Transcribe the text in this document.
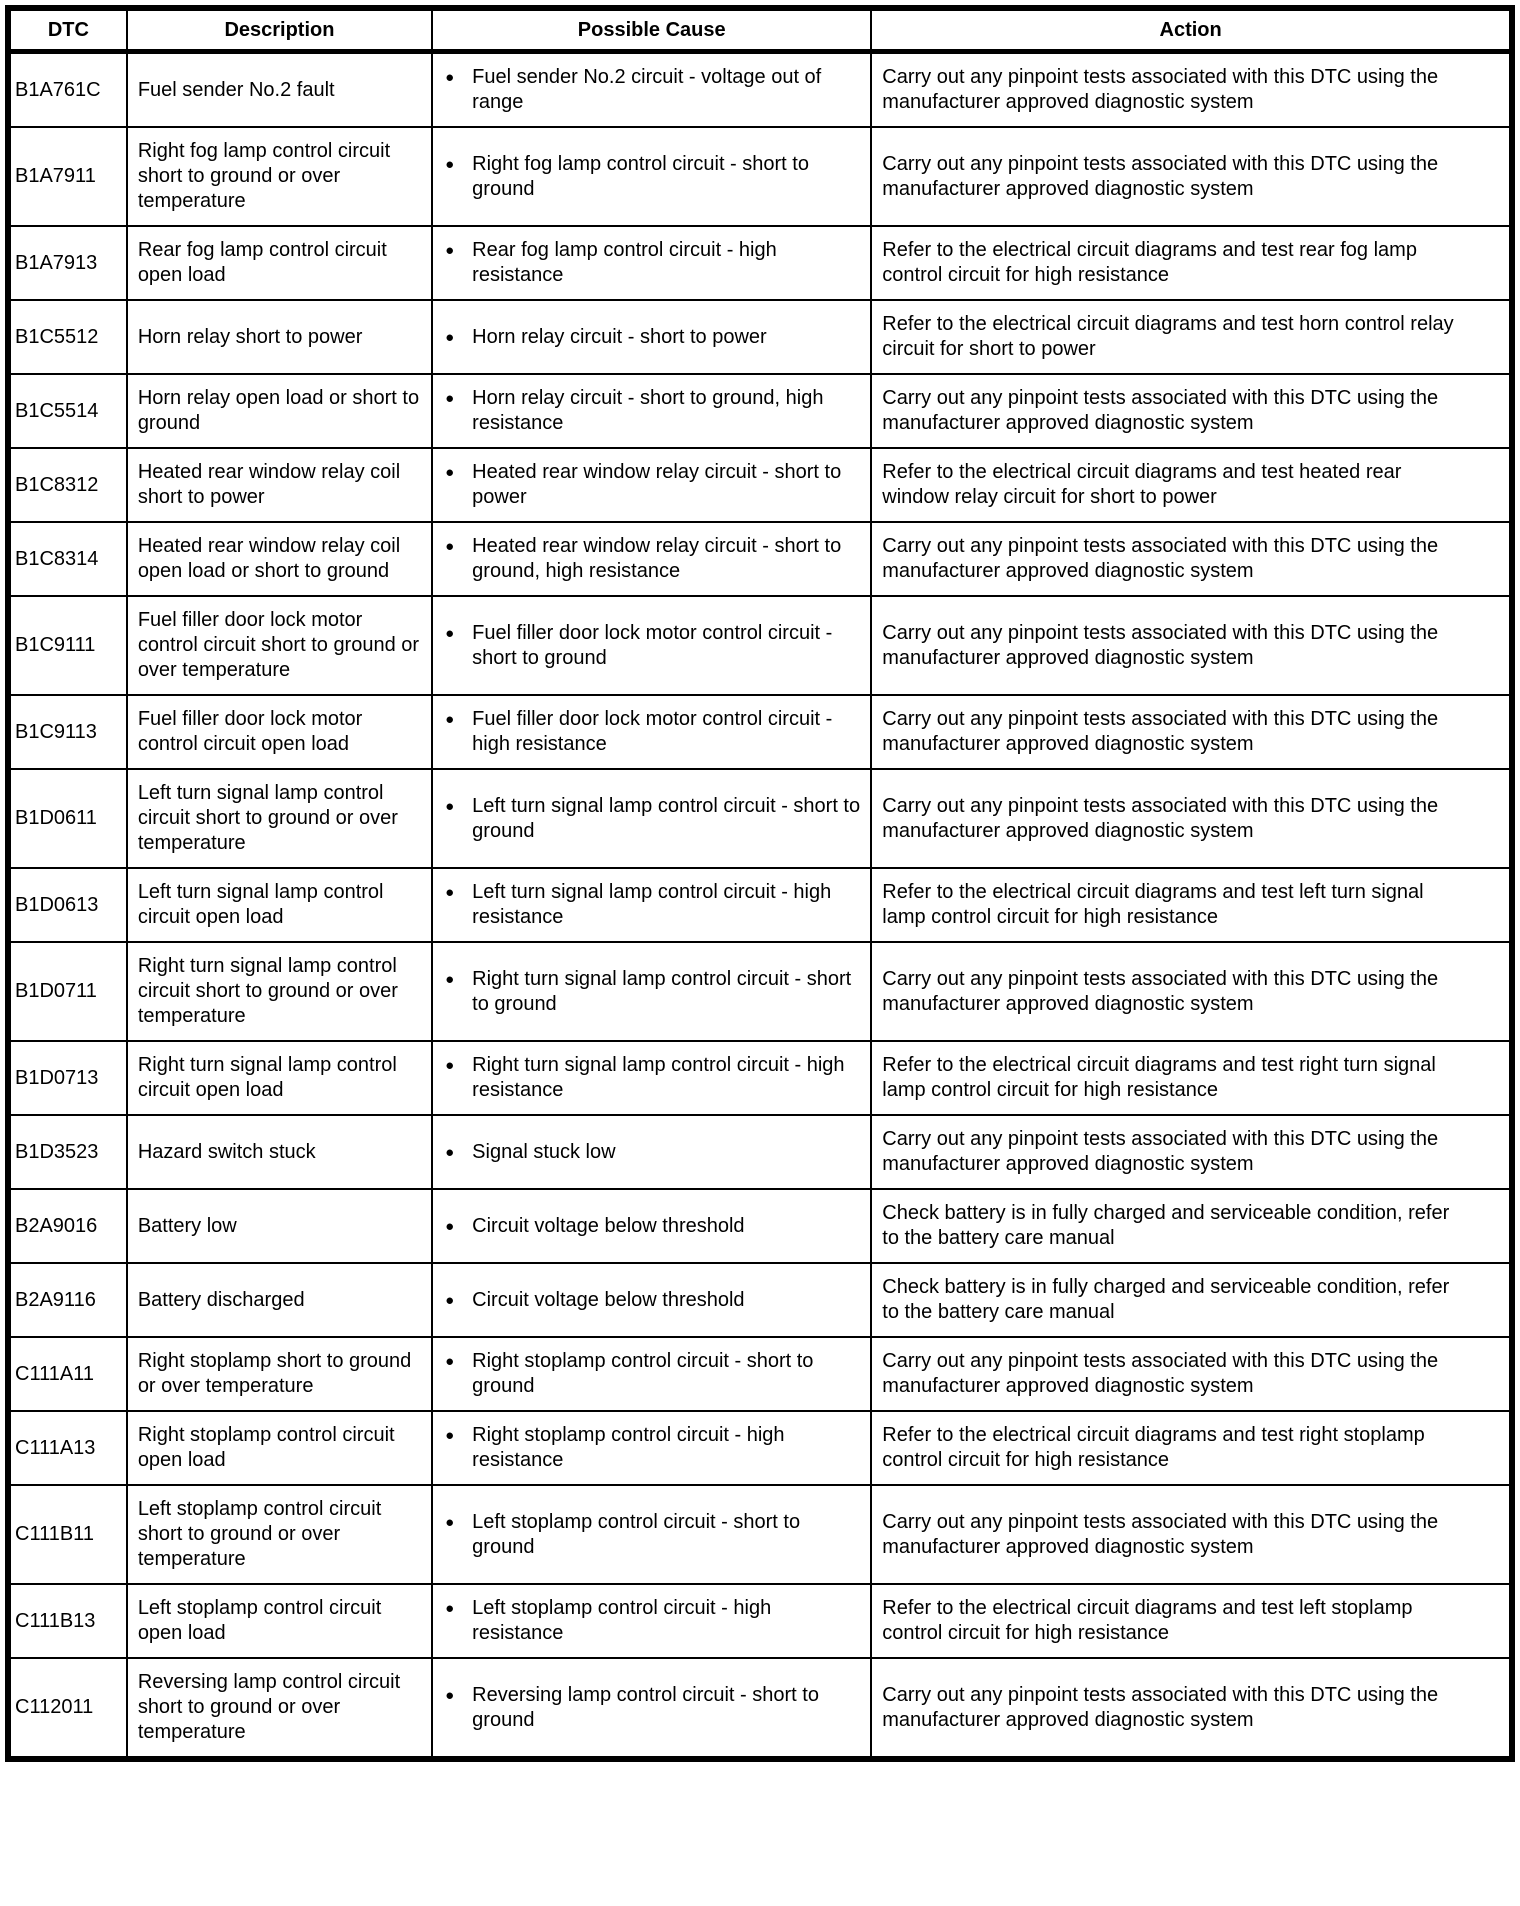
DTC	Description	Possible Cause	Action
B1A761C	Fuel sender No.2 fault	● Fuel sender No.2 circuit - voltage out of range	Carry out any pinpoint tests associated with this DTC using the manufacturer approved diagnostic system
B1A7911	Right fog lamp control circuit short to ground or over temperature	● Right fog lamp control circuit - short to ground	Carry out any pinpoint tests associated with this DTC using the manufacturer approved diagnostic system
B1A7913	Rear fog lamp control circuit open load	● Rear fog lamp control circuit - high resistance	Refer to the electrical circuit diagrams and test rear fog lamp control circuit for high resistance
B1C5512	Horn relay short to power	● Horn relay circuit - short to power	Refer to the electrical circuit diagrams and test horn control relay circuit for short to power
B1C5514	Horn relay open load or short to ground	● Horn relay circuit - short to ground, high resistance	Carry out any pinpoint tests associated with this DTC using the manufacturer approved diagnostic system
B1C8312	Heated rear window relay coil short to power	● Heated rear window relay circuit - short to power	Refer to the electrical circuit diagrams and test heated rear window relay circuit for short to power
B1C8314	Heated rear window relay coil open load or short to ground	● Heated rear window relay circuit - short to ground, high resistance	Carry out any pinpoint tests associated with this DTC using the manufacturer approved diagnostic system
B1C9111	Fuel filler door lock motor control circuit short to ground or over temperature	● Fuel filler door lock motor control circuit - short to ground	Carry out any pinpoint tests associated with this DTC using the manufacturer approved diagnostic system
B1C9113	Fuel filler door lock motor control circuit open load	● Fuel filler door lock motor control circuit - high resistance	Carry out any pinpoint tests associated with this DTC using the manufacturer approved diagnostic system
B1D0611	Left turn signal lamp control circuit short to ground or over temperature	● Left turn signal lamp control circuit - short to ground	Carry out any pinpoint tests associated with this DTC using the manufacturer approved diagnostic system
B1D0613	Left turn signal lamp control circuit open load	● Left turn signal lamp control circuit - high resistance	Refer to the electrical circuit diagrams and test left turn signal lamp control circuit for high resistance
B1D0711	Right turn signal lamp control circuit short to ground or over temperature	● Right turn signal lamp control circuit - short to ground	Carry out any pinpoint tests associated with this DTC using the manufacturer approved diagnostic system
B1D0713	Right turn signal lamp control circuit open load	● Right turn signal lamp control circuit - high resistance	Refer to the electrical circuit diagrams and test right turn signal lamp control circuit for high resistance
B1D3523	Hazard switch stuck	● Signal stuck low	Carry out any pinpoint tests associated with this DTC using the manufacturer approved diagnostic system
B2A9016	Battery low	● Circuit voltage below threshold	Check battery is in fully charged and serviceable condition, refer to the battery care manual
B2A9116	Battery discharged	● Circuit voltage below threshold	Check battery is in fully charged and serviceable condition, refer to the battery care manual
C111A11	Right stoplamp short to ground or over temperature	● Right stoplamp control circuit - short to ground	Carry out any pinpoint tests associated with this DTC using the manufacturer approved diagnostic system
C111A13	Right stoplamp control circuit open load	● Right stoplamp control circuit - high resistance	Refer to the electrical circuit diagrams and test right stoplamp control circuit for high resistance
C111B11	Left stoplamp control circuit short to ground or over temperature	● Left stoplamp control circuit - short to ground	Carry out any pinpoint tests associated with this DTC using the manufacturer approved diagnostic system
C111B13	Left stoplamp control circuit open load	● Left stoplamp control circuit - high resistance	Refer to the electrical circuit diagrams and test left stoplamp control circuit for high resistance
C112011	Reversing lamp control circuit short to ground or over temperature	● Reversing lamp control circuit - short to ground	Carry out any pinpoint tests associated with this DTC using the manufacturer approved diagnostic system
